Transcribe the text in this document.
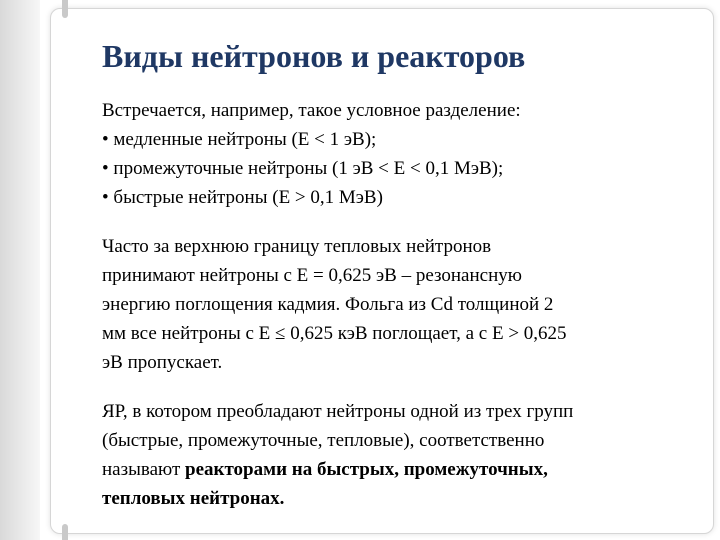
Виды нейтронов и реакторов

Встречается, например, такое условное разделение:

• медленные нейтроны (E < 1 эВ);

• промежуточные нейтроны (1 эВ < E < 0,1 МэВ);

• быстрые нейтроны (E > 0,1 МэВ)

Часто за верхнюю границу тепловых нейтронов

принимают нейтроны с E = 0,625 эВ – резонансную

энергию поглощения кадмия. Фольга из Cd толщиной 2

мм все нейтроны с E ≤ 0,625 кэВ поглощает, а с E > 0,625

эВ пропускает.

ЯР, в котором преобладают нейтроны одной из трех групп

(быстрые, промежуточные, тепловые), соответственно

называют реакторами на быстрых, промежуточных,

тепловых нейтронах.
